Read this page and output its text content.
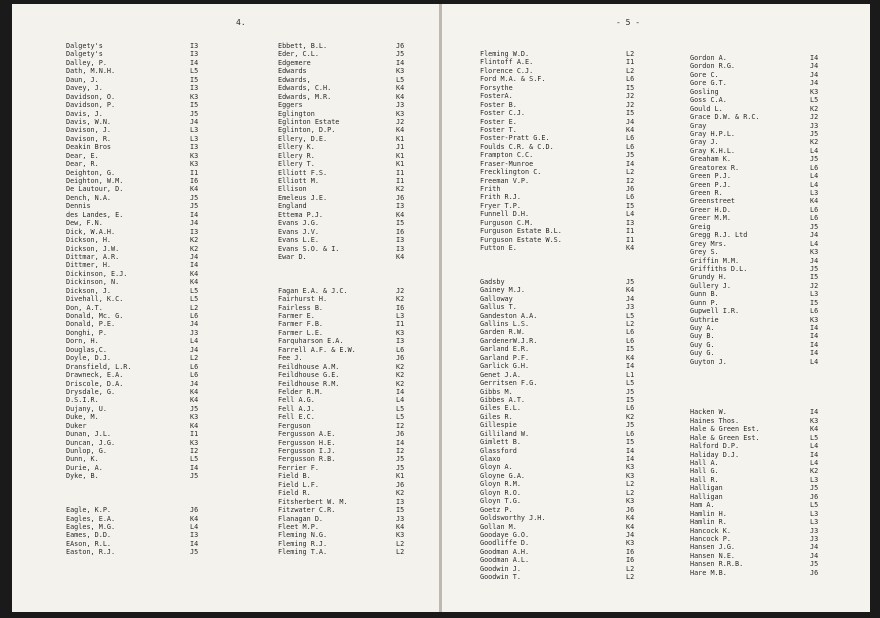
4.
Dalgety's	I3
Dalgety's	I3
Dalley, P.	I4
Dath, M.N.H.	L5
Daun, J.	I5
Davey, J.	I3
Davidson, O.	K3
Davidson, P.	I5
Davis, J.	J5
Davis, W.N.	J4
Davison, J.	L3
Davison, R.	L3
Deakin Bros	I3
Dear, E.	K3
Dear, R.	K3
Deighton, G.	I1
Deighton, W.M.	I6
De Lautour, D.	K4
Dench, N.A.	J5
Dennis	J5
des Landes, E.	I4
Dew, F.N.	J4
Dick, W.A.H.	I3
Dickson, H.	K2
Dickson, J.W.	K2
Dittmar, A.R.	J4
Dittmer, H.	I4
Dickinson, E.J.	K4
Dickinson, N.	K4
Dickson, J.	L5
Divehall, K.C.	L5
Don, A.T.	L2
Donald, Mc. G.	L6
Donald, P.E.	J4
Donghi, P.	J3
Dorn, H.	L4
Douglas,C.	J4
Doyle, D.J.	L2
Dransfield, L.R.	L6
Drawneck, E.A.	L6
Driscole, D.A.	J4
Drysdale, G.	K4
D.S.I.R.	K4
Dujany, U.	J5
Duke, M.	K3
Duker	K4
Dunan, J.L.	I1
Duncan, J.G.	K3
Dunlop, G.	I2
Dunn, K.	L5
Durie, A.	I4
Dyke, B.	J5
Eagle, K.P.	J6
Eagles, E.A.	K4
Eagles, M.G.	L4
Eames, D.D.	I3
EAson, R.L.	I4
Easton, R.J.	J5
Ebbett, B.L.	J6
Eder, C.L.	J5
Edgemere	I4
Edwards	K3
Edwards,	L5
Edwards, C.H.	K4
Edwards, M.R.	K4
Eggers	J3
Eglington	K3
Eglinton Estate	J2
Eglinton, D.P.	K4
Ellery, D.E.	K1
Ellery K.	J1
Ellery R.	K1
Ellery T.	K1
Elliott F.S.	I1
Elliott M.	I1
Ellison	K2
Emeleus J.E.	J6
England	I3
Ettema P.J.	K4
Evans J.G.	I5
Evans J.V.	I6
Evans L.E.	I3
Evans S.O. & I.	I3
Ewar D.	K4
Fagan E.A. & J.C.	J2
Fairhurst H.	K2
Fairless B.	I6
Farmer E.	L3
Farmer F.B.	I1
Farmer L.E.	K3
Farquharson E.A.	I3
Farrell A.F. & E.W.	L6
Fee J.	J6
Feildhouse A.M.	K2
Feildhouse G.E.	K2
Feildhouse R.M.	K2
Felder R.M.	I4
Fell A.G.	L4
Fell A.J.	L5
Fell E.C.	L5
Ferguson	I2
Fergusson A.E.	J6
Fergusson H.E.	I4
Fergusson I.J.	I2
Fergusson R.B.	J5
Ferrier F.	J5
Field B.	K1
Field L.F.	J6
Field R.	K2
Fitsherbert W. M.	I3
Fitzwater C.R.	I5
Flanagan D.	J3
Fleet M.P.	K4
Fleming N.G.	K3
Fleming R.J.	L2
Fleming T.A.	L2
- 5 -
Fleming W.D.	L2
Flintoff A.E.	I1
Florence C.J.	L2
Ford M.A. & S.F.	L6
Forsythe	I5
FosterA.	J2
Foster B.	J2
Foster C.J.	I5
Foster E.	J4
Foster T.	K4
Foster-Pratt G.E.	L6
Foulds C.R. & C.D.	L6
Frampton C.C.	J5
Fraser-Munroe	I4
Frecklington C.	L2
Freeman V.P.	I2
Frith	J6
Frith R.J.	L6
Fryer T.P.	I5
Funnell D.H.	L4
Furguson C.M.	I3
Furguson Estate B.L.	I1
Furguson Estate W.S.	I1
Futton E.	K4
Gadsby	J5
Gainey M.J.	K4
Galloway	J4
Gallus T.	J3
Gandeston A.A.	L5
Gallins L.S.	L2
Garden R.W.	L6
GardenerW.J.R.	L6
Garland E.R.	I5
Garland P.F.	K4
Garlick G.H.	I4
Genet J.A.	L1
Gerritsen F.G.	L5
Gibbs M.	J5
Gibbes A.T.	I5
Giles E.L.	L6
Giles R.	K2
Gillespie	J5
Gilliland W.	L6
Gimlett B.	I5
Glassford	I4
Glaxo	I4
Gloyn A.	K3
Gloyne G.A.	K3
Gloyn R.M.	L2
Gloyn R.O.	L2
Gloyn T.G.	K3
Goetz P.	J6
Goldsworthy J.H.	K4
Gollan M.	K4
Goodaye G.O.	J4
Goodliffe D.	K3
Goodman A.H.	I6
Goodman A.L.	I6
Goodwin J.	L2
Goodwin T.	L2
Gordon A.	I4
Gordon R.G.	J4
Gore C.	J4
Gore G.T.	J4
Gosling	K3
Goss C.A.	L5
Gould L.	K2
Grace D.W. & R.C.	J2
Gray	J3
Gray H.P.L.	J5
Gray J.	K2
Gray K.H.L.	L4
Greaham K.	J5
Greatorex R.	L6
Green P.J.	L4
Green P.J.	L4
Green R.	L3
Greenstreet	K4
Greer H.D.	L6
Greer M.M.	L6
Greig	J5
Gregg R.J. Ltd	J4
Grey Mrs.	L4
Grey S.	K3
Griffin M.M.	J4
Griffiths D.L.	J5
Grundy H.	I5
Gullery J.	J2
Gunn B.	L3
Gunn P.	I5
Gupwell I.R.	L6
Guthrie	K3
Guy A.	I4
Guy B.	I4
Guy G.	I4
Guy G.	I4
Guyton J.	L4
Hacken W.	I4
Haines Thos.	K3
Hale & Green Est.	K4
Hale & Green Est.	L5
Halford D.P.	L4
Haliday D.J.	I4
Hall A.	L4
Hall G.	K2
Hall R.	L3
Halligan	J5
Halligan	J6
Ham A.	L5
Hamlin H.	L3
Hamlin R.	L3
Hancock K.	J3
Hancock P.	J3
Hansen J.G.	J4
Hansen N.E.	J4
Hansen R.R.B.	J5
Hare M.B.	J6
